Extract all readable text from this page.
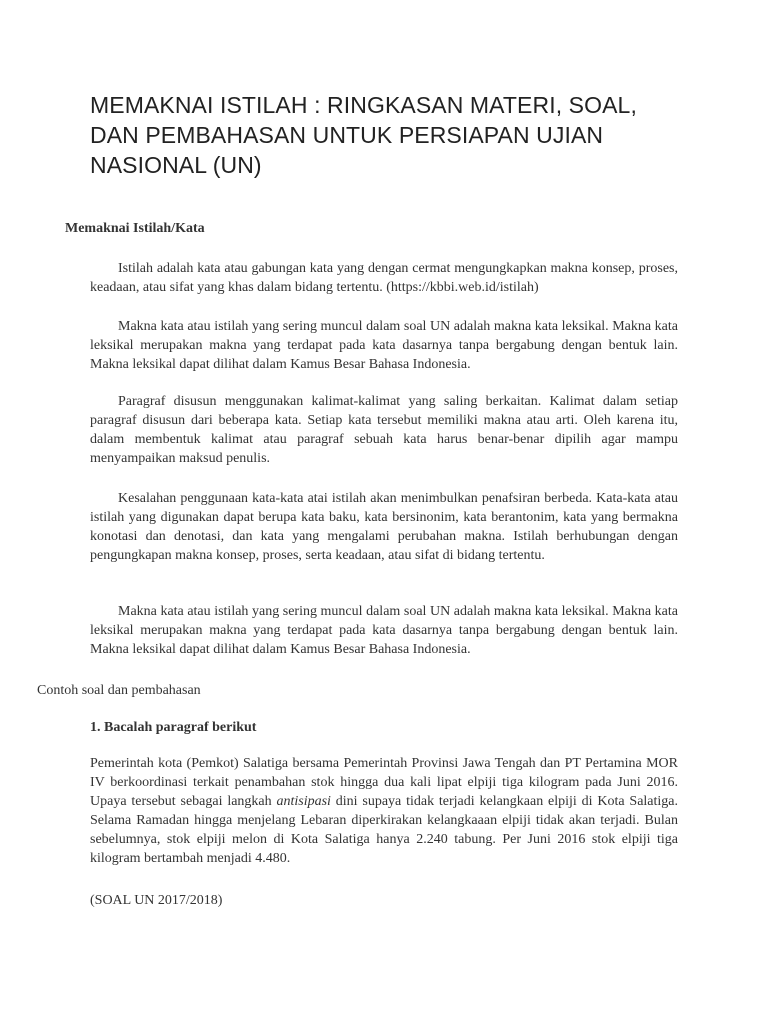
MEMAKNAI ISTILAH : RINGKASAN MATERI, SOAL, DAN PEMBAHASAN UNTUK PERSIAPAN UJIAN NASIONAL (UN)
Memaknai Istilah/Kata

Istilah adalah kata atau gabungan kata yang dengan cermat mengungkapkan makna konsep, proses, keadaan, atau sifat yang khas dalam bidang tertentu. (https://kbbi.web.id/istilah)

Makna kata atau istilah yang sering muncul dalam soal UN adalah makna kata leksikal. Makna kata leksikal merupakan makna yang terdapat pada kata dasarnya tanpa bergabung dengan bentuk lain. Makna leksikal dapat dilihat dalam Kamus Besar Bahasa Indonesia.

Paragraf disusun menggunakan kalimat-kalimat yang saling berkaitan. Kalimat dalam setiap paragraf disusun dari beberapa kata. Setiap kata tersebut memiliki makna atau arti. Oleh karena itu, dalam membentuk kalimat atau paragraf sebuah kata harus benar-benar dipilih agar mampu menyampaikan maksud penulis.

Kesalahan penggunaan kata-kata atai istilah akan menimbulkan penafsiran berbeda. Kata-kata atau istilah yang digunakan dapat berupa kata baku, kata bersinonim, kata berantonim, kata yang bermakna konotasi dan denotasi, dan kata yang mengalami perubahan makna. Istilah berhubungan dengan pengungkapan makna konsep, proses, serta keadaan, atau sifat di bidang tertentu.

Makna kata atau istilah yang sering muncul dalam soal UN adalah makna kata leksikal. Makna kata leksikal merupakan makna yang terdapat pada kata dasarnya tanpa bergabung dengan bentuk lain. Makna leksikal dapat dilihat dalam Kamus Besar Bahasa Indonesia.

Contoh soal dan pembahasan

1. Bacalah paragraf berikut

Pemerintah kota (Pemkot) Salatiga bersama Pemerintah Provinsi Jawa Tengah dan PT Pertamina MOR IV berkoordinasi terkait penambahan stok hingga dua kali lipat elpiji tiga kilogram pada Juni 2016. Upaya tersebut sebagai langkah antisipasi dini supaya tidak terjadi kelangkaan elpiji di Kota Salatiga. Selama Ramadan hingga menjelang Lebaran diperkirakan kelangkaaan elpiji tidak akan terjadi. Bulan sebelumnya, stok elpiji melon di Kota Salatiga hanya 2.240 tabung. Per Juni 2016 stok elpiji tiga kilogram bertambah menjadi 4.480.

(SOAL UN 2017/2018)
